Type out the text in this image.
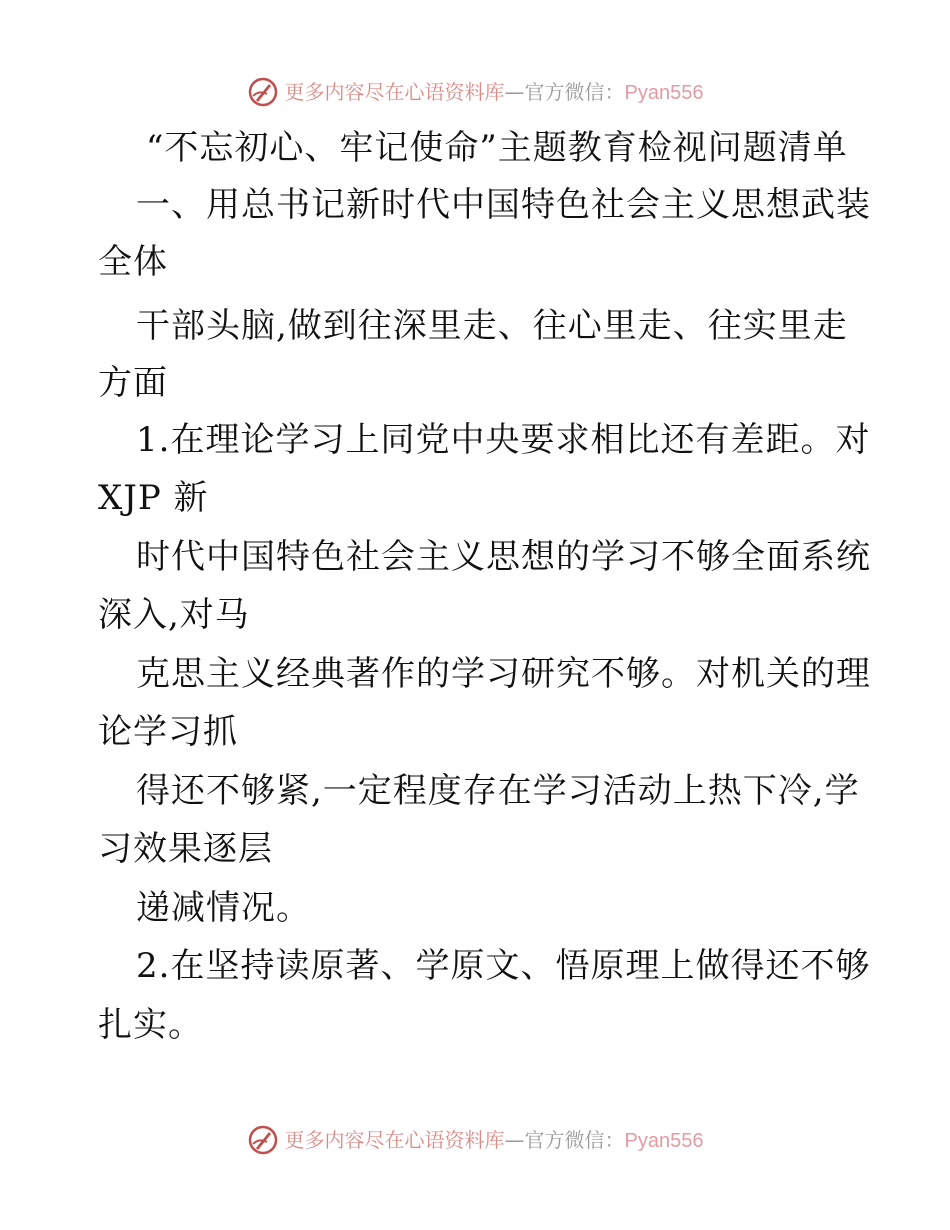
更多内容尽在心语资料库—官方微信：Pyan556
“不忘初心、牢记使命”主题教育检视问题清单
一、用总书记新时代中国特色社会主义思想武装
全体
干部头脑,做到往深里走、往心里走、往实里走
方面
1.在理论学习上同党中央要求相比还有差距。对
XJP 新
时代中国特色社会主义思想的学习不够全面系统
深入,对马
克思主义经典著作的学习研究不够。对机关的理
论学习抓
得还不够紧,一定程度存在学习活动上热下冷,学
习效果逐层
递减情况。
2.在坚持读原著、学原文、悟原理上做得还不够
扎实。
更多内容尽在心语资料库—官方微信：Pyan556
